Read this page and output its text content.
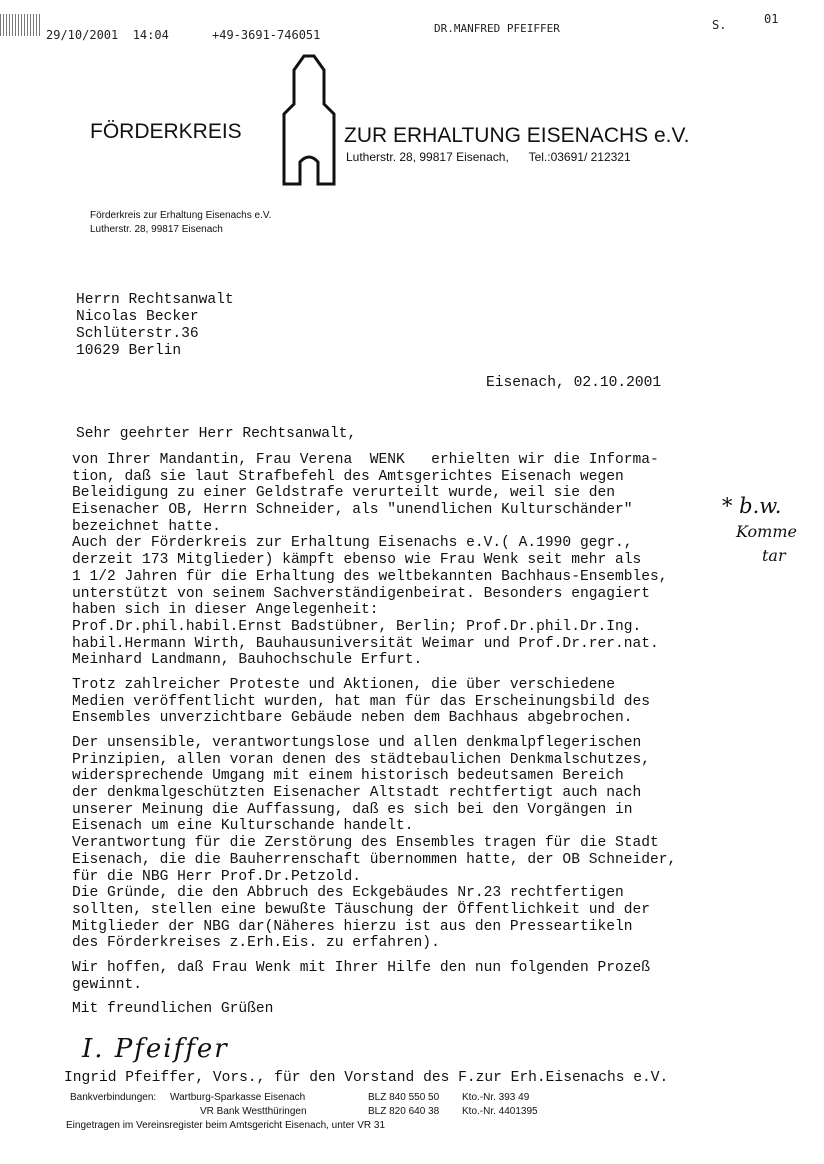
29/10/2001  14:04	+49-3691-746051	DR.MANFRED PFEIFFER	S.	01
FÖRDERKREIS	ZUR ERHALTUNG EISENACHS e.V.
Lutherstr. 28, 99817 Eisenach,      Tel.:03691/ 212321
Förderkreis zur Erhaltung Eisenachs e.V.
Lutherstr. 28, 99817 Eisenach
Herrn Rechtsanwalt
Nicolas Becker
Schlüterstr.36
10629 Berlin
Eisenach, 02.10.2001
Sehr geehrter Herr Rechtsanwalt,
von Ihrer Mandantin, Frau Verena  WENK   erhielten wir die Informa-
tion, daß sie laut Strafbefehl des Amtsgerichtes Eisenach wegen
Beleidigung zu einer Geldstrafe verurteilt wurde, weil sie den
Eisenacher OB, Herrn Schneider, als "unendlichen Kulturschänder"
bezeichnet hatte.
Auch der Förderkreis zur Erhaltung Eisenachs e.V.( A.1990 gegr.,
derzeit 173 Mitglieder) kämpft ebenso wie Frau Wenk seit mehr als
1 1/2 Jahren für die Erhaltung des weltbekannten Bachhaus-Ensembles,
unterstützt von seinem Sachverständigenbeirat. Besonders engagiert
haben sich in dieser Angelegenheit:
Prof.Dr.phil.habil.Ernst Badstübner, Berlin; Prof.Dr.phil.Dr.Ing.
habil.Hermann Wirth, Bauhausuniversität Weimar und Prof.Dr.rer.nat.
Meinhard Landmann, Bauhochschule Erfurt.
Trotz zahlreicher Proteste und Aktionen, die über verschiedene
Medien veröffentlicht wurden, hat man für das Erscheinungsbild des
Ensembles unverzichtbare Gebäude neben dem Bachhaus abgebrochen.
Der unsensible, verantwortungslose und allen denkmalpflegerischen
Prinzipien, allen voran denen des städtebaulichen Denkmalschutzes,
widersprechende Umgang mit einem historisch bedeutsamen Bereich
der denkmalgeschützten Eisenacher Altstadt rechtfertigt auch nach
unserer Meinung die Auffassung, daß es sich bei den Vorgängen in
Eisenach um eine Kulturschande handelt.
Verantwortung für die Zerstörung des Ensembles tragen für die Stadt
Eisenach, die die Bauherrenschaft übernommen hatte, der OB Schneider,
für die NBG Herr Prof.Dr.Petzold.
Die Gründe, die den Abbruch des Eckgebäudes Nr.23 rechtfertigen
sollten, stellen eine bewußte Täuschung der Öffentlichkeit und der
Mitglieder der NBG dar(Näheres hierzu ist aus den Presseartikeln
des Förderkreises z.Erh.Eis. zu erfahren).
Wir hoffen, daß Frau Wenk mit Ihrer Hilfe den nun folgenden Prozeß
gewinnt.
Mit freundlichen Grüßen
* b.w.
Komme
tar
I. Pfeiffer
Ingrid Pfeiffer, Vors., für den Vorstand des F.zur Erh.Eisenachs e.V.
Bankverbindungen: Wartburg-Sparkasse Eisenach	BLZ 840 550 50 Kto.-Nr. 393 49
VR Bank Westthüringen	BLZ 820 640 38 Kto.-Nr. 4401395
Eingetragen im Vereinsregister beim Amtsgericht Eisenach, unter VR 31
